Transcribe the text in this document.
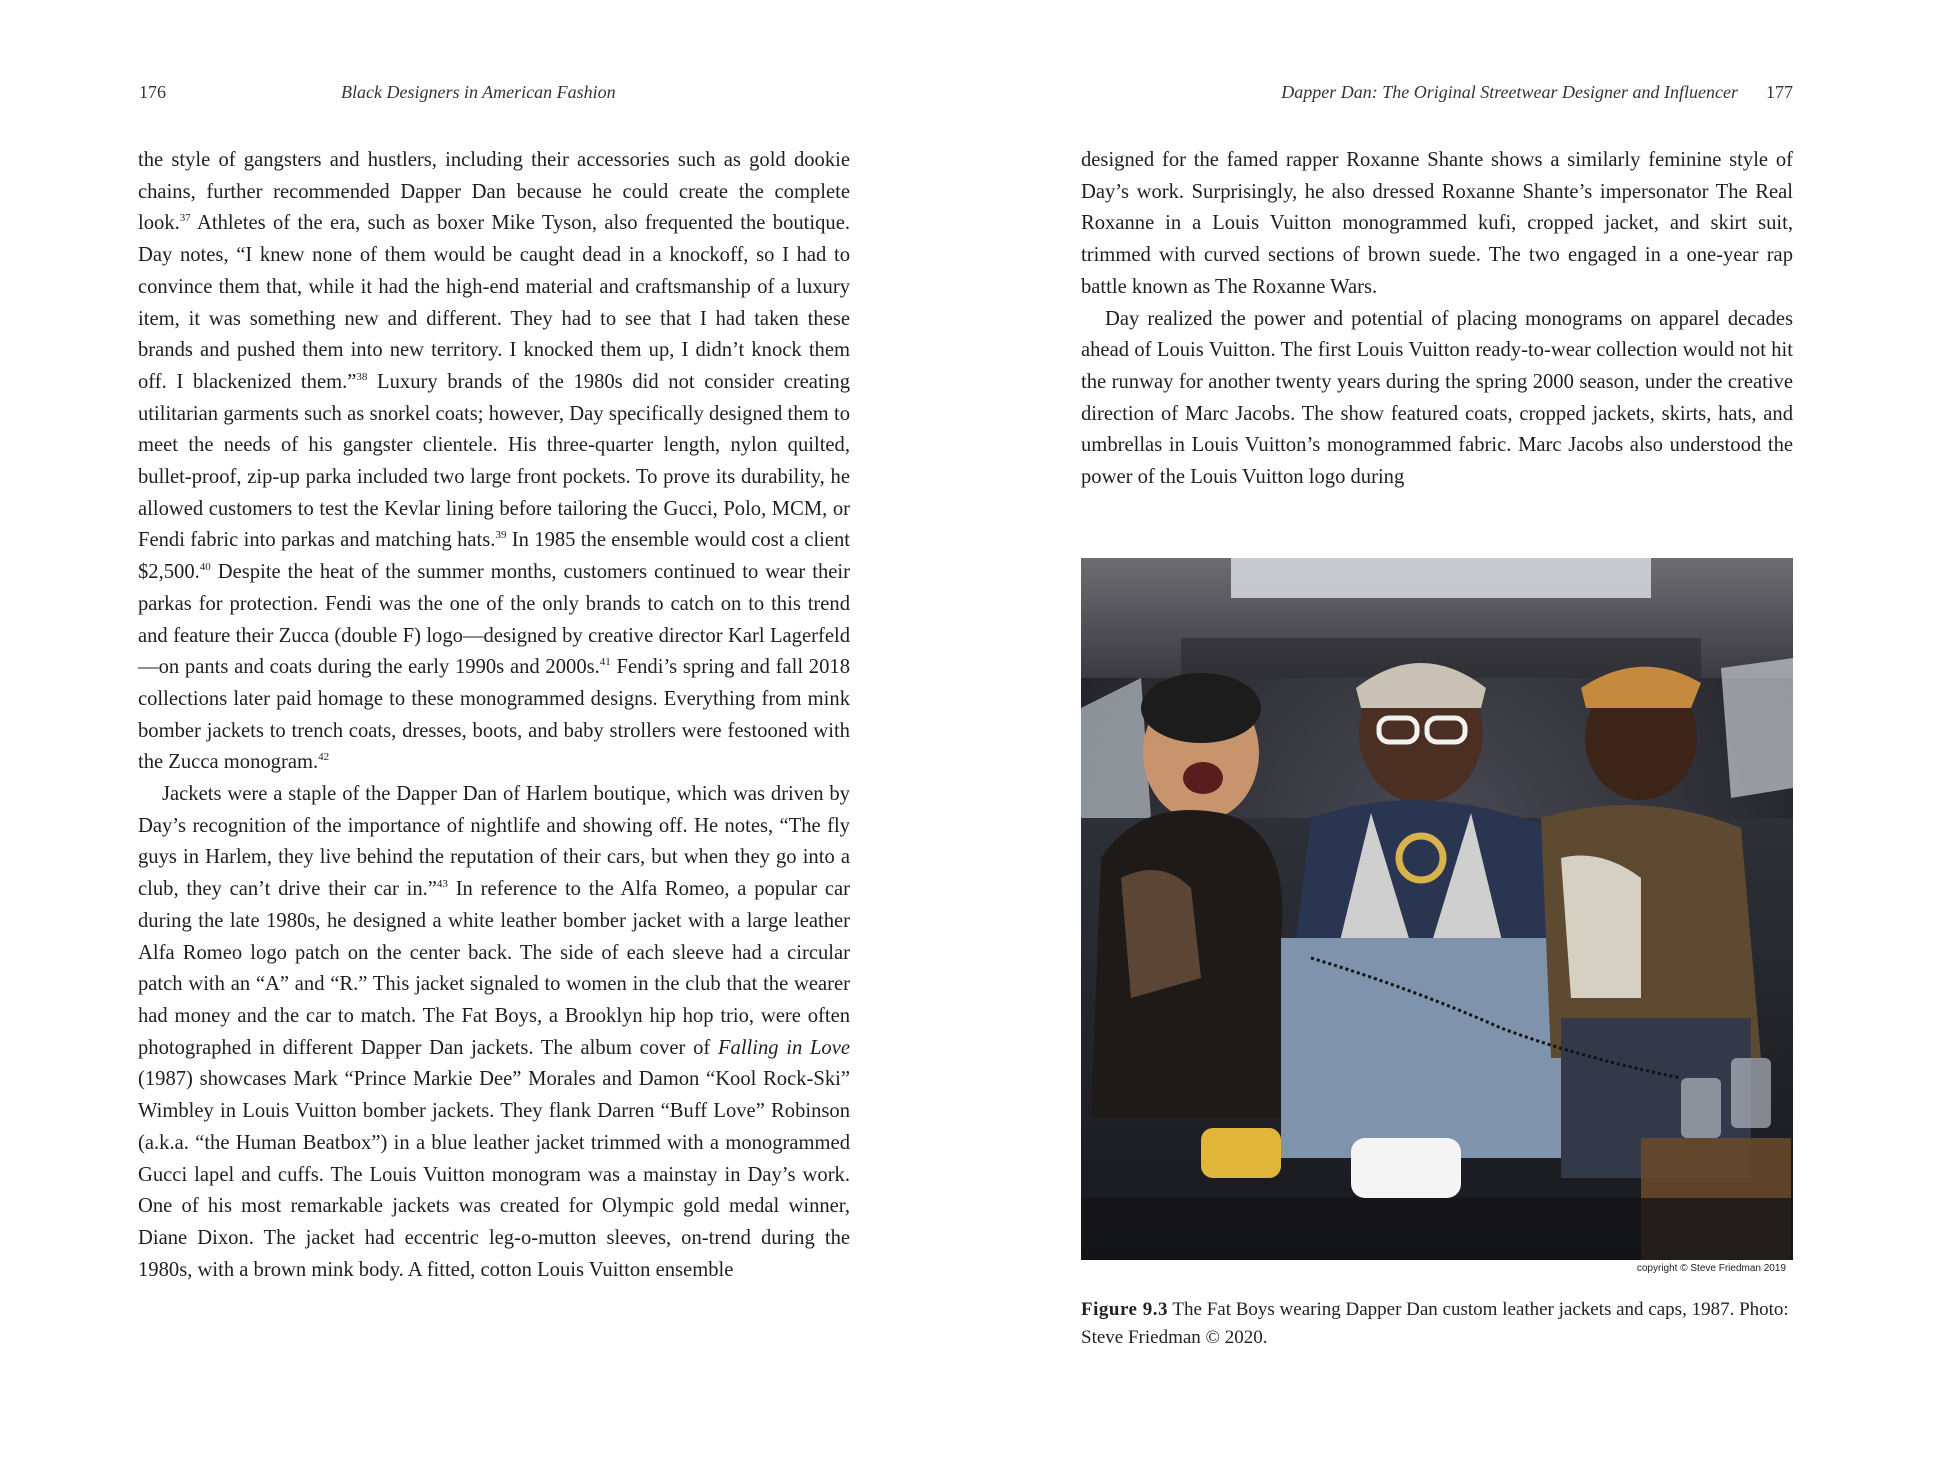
176	Black Designers in American Fashion

the style of gangsters and hustlers, including their accessories such as gold dookie chains, further recommended Dapper Dan because he could create the complete look.$^{37}$ Athletes of the era, such as boxer Mike Tyson, also frequented the boutique. Day notes, “I knew none of them would be caught dead in a knockoff, so I had to convince them that, while it had the high-end material and craftsmanship of a luxury item, it was something new and different. They had to see that I had taken these brands and pushed them into new territory. I knocked them up, I didn’t knock them off. I blackenized them.”$^{38}$ Luxury brands of the 1980s did not consider creating utilitarian garments such as snorkel coats; however, Day specifically designed them to meet the needs of his gangster clientele. His three-quarter length, nylon quilted, bullet-proof, zip-up parka included two large front pockets. To prove its durability, he allowed customers to test the Kevlar lining before tailoring the Gucci, Polo, MCM, or Fendi fabric into parkas and matching hats.$^{39}$ In 1985 the ensemble would cost a client $2,500.40 Despite the heat of the summer months, customers continued to wear their parkas for protection. Fendi was the one of the only brands to catch on to this trend and feature their Zucca (double F) logo—designed by creative director Karl Lagerfeld—on pants and coats during the early 1990s and 2000s.$^{41}$ Fendi’s spring and fall 2018 collections later paid homage to these monogrammed designs. Everything from mink bomber jackets to trench coats, dresses, boots, and baby strollers were festooned with the Zucca monogram.$^{42}$

Jackets were a staple of the Dapper Dan of Harlem boutique, which was driven by Day’s recognition of the importance of nightlife and showing off. He notes, “The fly guys in Harlem, they live behind the reputation of their cars, but when they go into a club, they can’t drive their car in.”$^{43}$ In reference to the Alfa Romeo, a popular car during the late 1980s, he designed a white leather bomber jacket with a large leather Alfa Romeo logo patch on the center back. The side of each sleeve had a circular patch with an “A” and “R.” This jacket signaled to women in the club that the wearer had money and the car to match. The Fat Boys, a Brooklyn hip hop trio, were often photographed in different Dapper Dan jackets. The album cover of Falling in Love (1987) showcases Mark “Prince Markie Dee” Morales and Damon “Kool Rock-Ski” Wimbley in Louis Vuitton bomber jackets. They flank Darren “Buff Love” Robinson (a.k.a. “the Human Beatbox”) in a blue leather jacket trimmed with a monogrammed Gucci lapel and cuffs. The Louis Vuitton monogram was a mainstay in Day’s work. One of his most remarkable jackets was created for Olympic gold medal winner, Diane Dixon. The jacket had eccentric leg-o-mutton sleeves, on-trend during the 1980s, with a brown mink body. A fitted, cotton Louis Vuitton ensemble

Dapper Dan: The Original Streetwear Designer and Influencer 177

designed for the famed rapper Roxanne Shante shows a similarly feminine style of Day’s work. Surprisingly, he also dressed Roxanne Shante’s impersonator The Real Roxanne in a Louis Vuitton monogrammed kufi, cropped jacket, and skirt suit, trimmed with curved sections of brown suede. The two engaged in a one-year rap battle known as The Roxanne Wars.

Day realized the power and potential of placing monograms on apparel decades ahead of Louis Vuitton. The first Louis Vuitton ready-to-wear collection would not hit the runway for another twenty years during the spring 2000 season, under the creative direction of Marc Jacobs. The show featured coats, cropped jackets, skirts, hats, and umbrellas in Louis Vuitton’s monogrammed fabric. Marc Jacobs also understood the power of the Louis Vuitton logo during

copyright © Steve Friedman 2019
Figure 9.3 The Fat Boys wearing Dapper Dan custom leather jackets and caps, 1987. Photo: Steve Friedman © 2020.
